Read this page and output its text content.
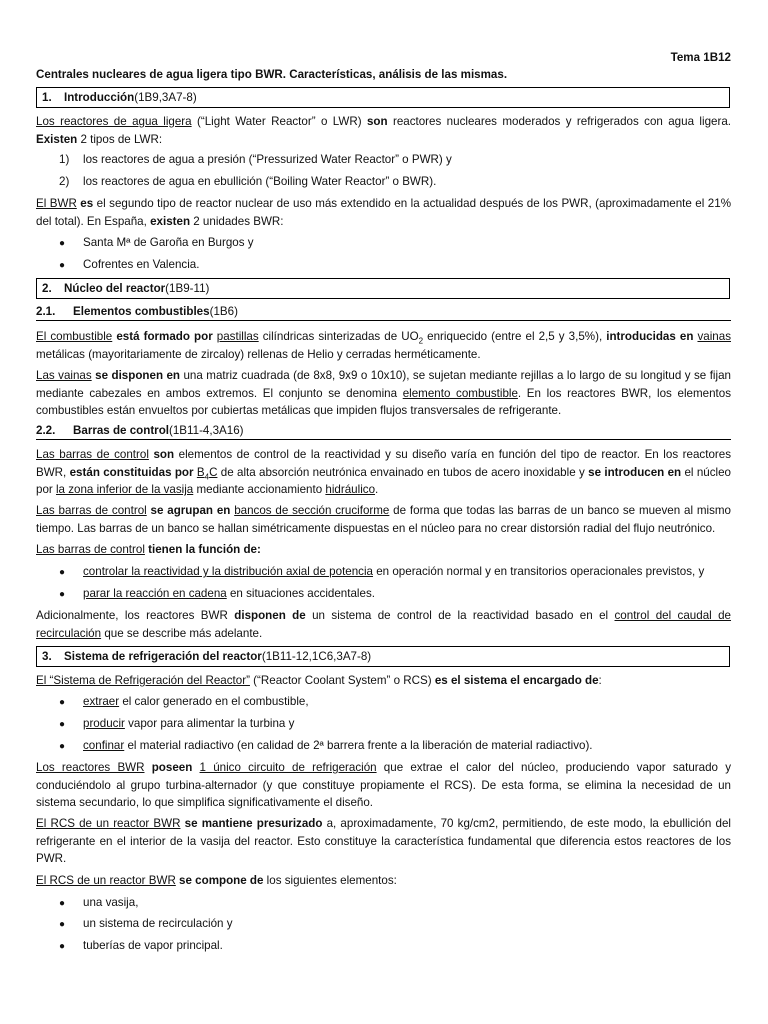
Tema 1B12
Centrales nucleares de agua ligera tipo BWR. Características, análisis de las mismas.
1. Introducción(1B9,3A7-8)
Los reactores de agua ligera (“Light Water Reactor” o LWR) son reactores nucleares moderados y refrigerados con agua ligera. Existen 2 tipos de LWR:
1) los reactores de agua a presión (“Pressurized Water Reactor” o PWR) y
2) los reactores de agua en ebullición (“Boiling Water Reactor” o BWR).
El BWR es el segundo tipo de reactor nuclear de uso más extendido en la actualidad después de los PWR, (aproximadamente el 21% del total). En España, existen 2 unidades BWR:
● Santa Mª de Garoña en Burgos y
● Cofrentes en Valencia.
2. Núcleo del reactor(1B9-11)
2.1. Elementos combustibles(1B6)
El combustible está formado por pastillas cilíndricas sinterizadas de $UO_2$ enriquecido (entre el 2,5 y 3,5%), introducidas en vainas metálicas (mayoritariamente de zircaloy) rellenas de Helio y cerradas herméticamente.
Las vainas se disponen en una matriz cuadrada (de 8x8, 9x9 o 10x10), se sujetan mediante rejillas a lo largo de su longitud y se fijan mediante cabezales en ambos extremos. El conjunto se denomina elemento combustible. En los reactores BWR, los elementos combustibles están envueltos por cubiertas metálicas que impiden flujos transversales de refrigerante.
2.2. Barras de control(1B11-4,3A16)
Las barras de control son elementos de control de la reactividad y su diseño varía en función del tipo de reactor. En los reactores BWR, están constituidas por $B_4C$ de alta absorción neutrónica envainado en tubos de acero inoxidable y se introducen en el núcleo por la zona inferior de la vasija mediante accionamiento hidráulico.
Las barras de control se agrupan en bancos de sección cruciforme de forma que todas las barras de un banco se mueven al mismo tiempo. Las barras de un banco se hallan simétricamente dispuestas en el núcleo para no crear distorsión radial del flujo neutrónico.
Las barras de control tienen la función de:
● controlar la reactividad y la distribución axial de potencia en operación normal y en transitorios operacionales previstos, y
● parar la reacción en cadena en situaciones accidentales.
Adicionalmente, los reactores BWR disponen de un sistema de control de la reactividad basado en el control del caudal de recirculación que se describe más adelante.
3. Sistema de refrigeración del reactor(1B11-12,1C6,3A7-8)
El “Sistema de Refrigeración del Reactor” (“Reactor Coolant System” o RCS) es el sistema el encargado de:
● extraer el calor generado en el combustible,
● producir vapor para alimentar la turbina y
● confinar el material radiactivo (en calidad de 2ª barrera frente a la liberación de material radiactivo).
Los reactores BWR poseen 1 único circuito de refrigeración que extrae el calor del núcleo, produciendo vapor saturado y conduciéndolo al grupo turbina-alternador (y que constituye propiamente el RCS). De esta forma, se elimina la necesidad de un sistema secundario, lo que simplifica significativamente el diseño.
El RCS de un reactor BWR se mantiene presurizado a, aproximadamente, 70 kg/cm2, permitiendo, de este modo, la ebullición del refrigerante en el interior de la vasija del reactor. Esto constituye la característica fundamental que diferencia estos reactores de los PWR.
El RCS de un reactor BWR se compone de los siguientes elementos:
● una vasija,
● un sistema de recirculación y
● tuberías de vapor principal.
